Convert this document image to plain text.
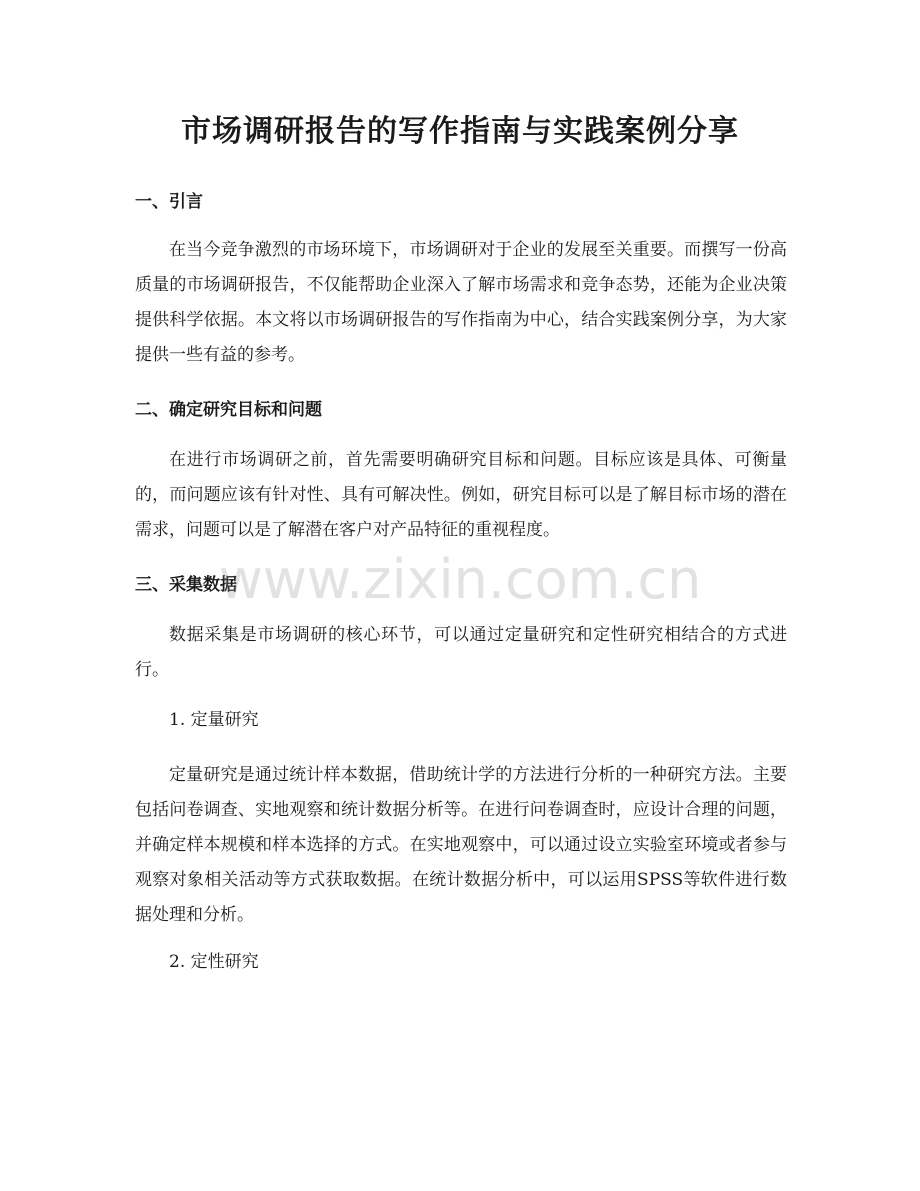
市场调研报告的写作指南与实践案例分享
一、引言

在当今竞争激烈的市场环境下，市场调研对于企业的发展至关重要。而撰写一份高质量的市场调研报告，不仅能帮助企业深入了解市场需求和竞争态势，还能为企业决策提供科学依据。本文将以市场调研报告的写作指南为中心，结合实践案例分享，为大家提供一些有益的参考。

二、确定研究目标和问题

在进行市场调研之前，首先需要明确研究目标和问题。目标应该是具体、可衡量的，而问题应该有针对性、具有可解决性。例如，研究目标可以是了解目标市场的潜在需求，问题可以是了解潜在客户对产品特征的重视程度。

三、采集数据

数据采集是市场调研的核心环节，可以通过定量研究和定性研究相结合的方式进行。

1. 定量研究

定量研究是通过统计样本数据，借助统计学的方法进行分析的一种研究方法。主要包括问卷调查、实地观察和统计数据分析等。在进行问卷调查时，应设计合理的问题，并确定样本规模和样本选择的方式。在实地观察中，可以通过设立实验室环境或者参与观察对象相关活动等方式获取数据。在统计数据分析中，可以运用SPSS等软件进行数据处理和分析。

2. 定性研究

www.zixin.com.cn
